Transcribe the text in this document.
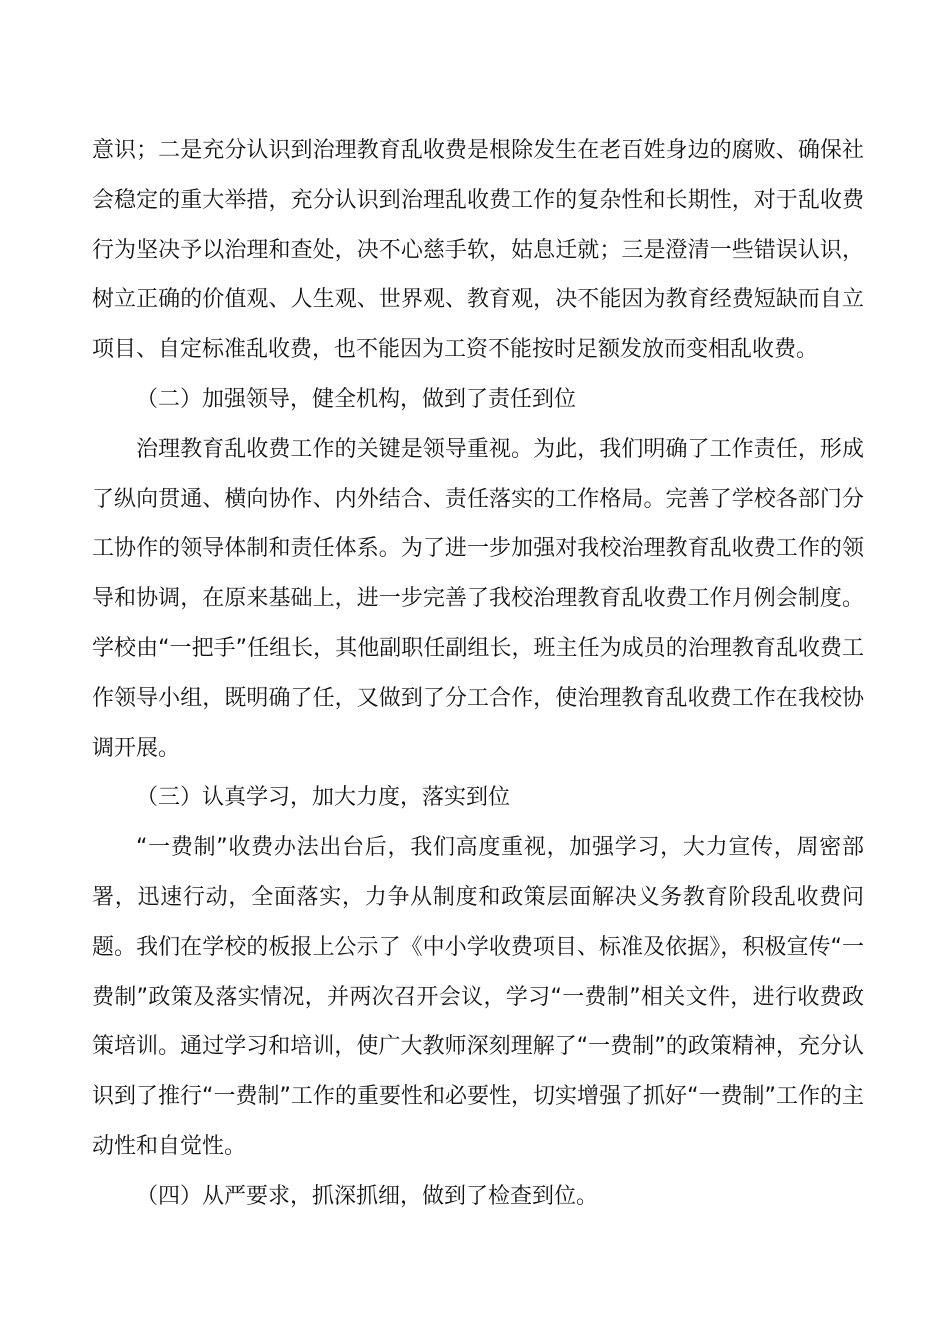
意识；二是充分认识到治理教育乱收费是根除发生在老百姓身边的腐败、确保社会稳定的重大举措，充分认识到治理乱收费工作的复杂性和长期性，对于乱收费行为坚决予以治理和查处，决不心慈手软，姑息迁就；三是澄清一些错误认识，树立正确的价值观、人生观、世界观、教育观，决不能因为教育经费短缺而自立项目、自定标准乱收费，也不能因为工资不能按时足额发放而变相乱收费。

（二）加强领导，健全机构，做到了责任到位

治理教育乱收费工作的关键是领导重视。为此，我们明确了工作责任，形成了纵向贯通、横向协作、内外结合、责任落实的工作格局。完善了学校各部门分工协作的领导体制和责任体系。为了进一步加强对我校治理教育乱收费工作的领导和协调，在原来基础上，进一步完善了我校治理教育乱收费工作月例会制度。学校由“一把手”任组长，其他副职任副组长，班主任为成员的治理教育乱收费工作领导小组，既明确了任，又做到了分工合作，使治理教育乱收费工作在我校协调开展。

（三）认真学习，加大力度，落实到位

“一费制”收费办法出台后，我们高度重视，加强学习，大力宣传，周密部署，迅速行动，全面落实，力争从制度和政策层面解决义务教育阶段乱收费问题。我们在学校的板报上公示了《中小学收费项目、标准及依据》，积极宣传“一费制”政策及落实情况，并两次召开会议，学习“一费制”相关文件，进行收费政策培训。通过学习和培训，使广大教师深刻理解了“一费制”的政策精神，充分认识到了推行“一费制”工作的重要性和必要性，切实增强了抓好“一费制”工作的主动性和自觉性。

（四）从严要求，抓深抓细，做到了检查到位。
